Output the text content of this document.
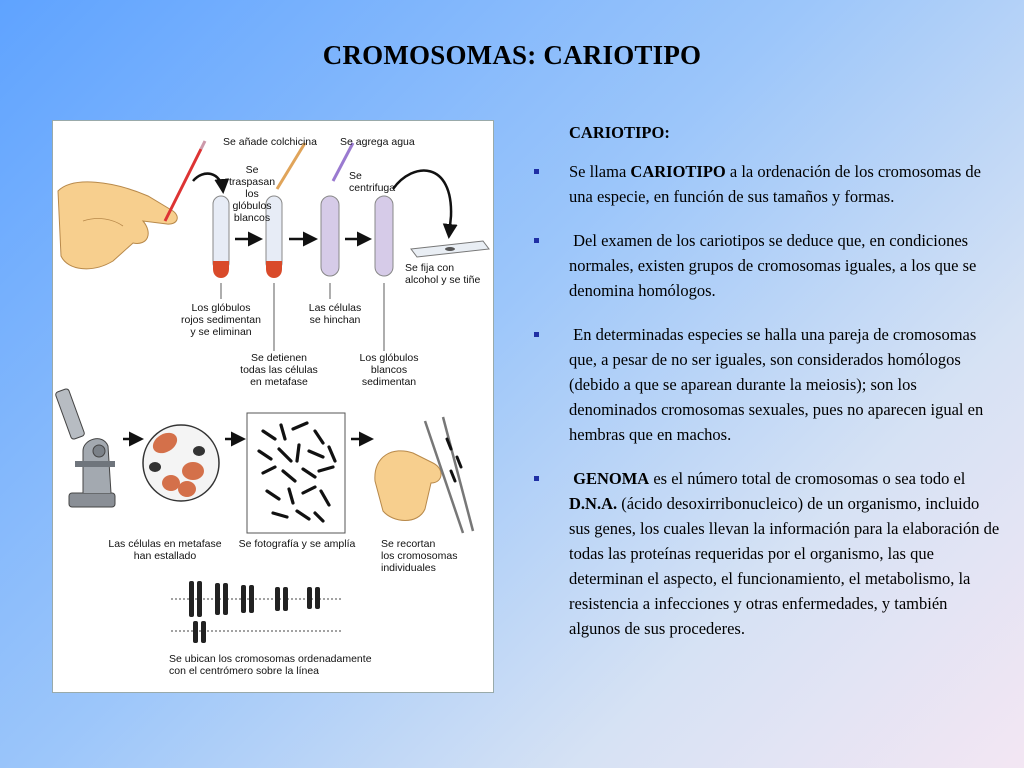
CROMOSOMAS: CARIOTIPO
Se añade colchicina Se agrega agua
Se
traspasan
los
glóbulos
blancos
Se
centrifuga
Se fija con
alcohol y se tiñe
Los glóbulos
rojos sedimentan
y se eliminan
Las células
se hinchan
Se detienen
todas las células
en metafase
Los glóbulos
blancos
sedimentan
Las células en metafase
han estallado
Se fotografía y se amplía Se recortan
los cromosomas
individuales
Se ubican los cromosomas ordenadamente
con el centrómero sobre la línea
CARIOTIPO:
Se llama CARIOTIPO a la ordenación de los cromosomas de una especie, en función de sus tamaños y formas.
Del examen de los cariotipos se deduce que, en condiciones normales, existen grupos de cromosomas iguales, a los que se denomina homólogos.
En determinadas especies se halla una pareja de cromosomas que, a pesar de no ser iguales, son considerados homólogos (debido a que se aparean durante la meiosis); son los denominados cromosomas sexuales, pues no aparecen igual en hembras que en machos.
GENOMA es el número total de cromosomas o sea todo el  D.N.A. (ácido desoxirribonucleico) de un organismo, incluido sus genes, los cuales llevan la información para la elaboración de todas las proteínas requeridas por el organismo, las que determinan el aspecto, el funcionamiento, el metabolismo, la resistencia a infecciones y otras enfermedades, y también algunos de sus procederes.
